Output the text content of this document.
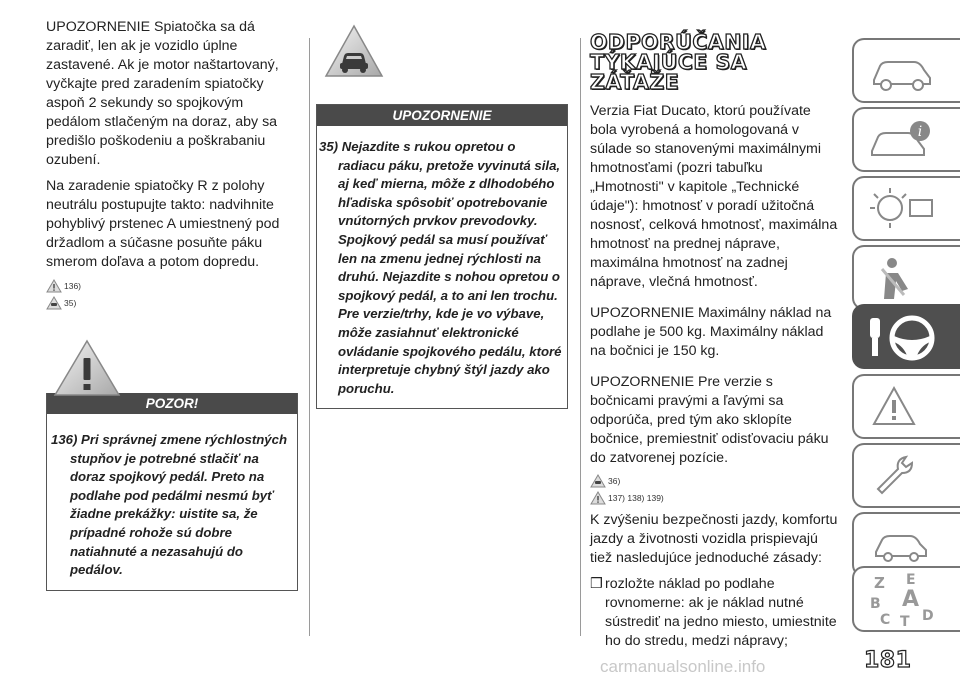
UPOZORNENIE Spiatočka sa dá zaradiť, len ak je vozidlo úplne zastavené. Ak je motor naštartovaný, vyčkajte pred zaradením spiatočky aspoň 2 sekundy so spojkovým pedálom stlačeným na doraz, aby sa predišlo poškodeniu a poškrabaniu ozubení.

Na zaradenie spiatočky R z polohy neutrálu postupujte takto: nadvihnite pohyblivý prstenec A umiestnený pod držadlom a súčasne posuňte páku smerom doľava a potom dopredu.

136)
35)
POZOR!

136) Pri správnej zmene rýchlostných stupňov je potrebné stlačiť na doraz spojkový pedál. Preto na podlahe pod pedálmi nesmú byť žiadne prekážky: uistite sa, že prípadné rohože sú dobre natiahnuté a nezasahujú do pedálov.

UPOZORNENIE

35) Nejazdite s rukou opretou o radiacu páku, pretože vyvinutá sila, aj keď mierna, môže z dlhodobého hľadiska spôsobiť opotrebovanie vnútorných prvkov prevodovky. Spojkový pedál sa musí používať len na zmenu jednej rýchlosti na druhú. Nejazdite s nohou opretou o spojkový pedál, a to ani len trochu. Pre verzie/trhy, kde je vo výbave, môže zasiahnuť elektronické ovládanie spojkového pedálu, ktoré interpretuje chybný štýl jazdy ako poruchu.

ODPORÚČANIA
TÝKAJÚCE SA
ZÁŤAŽE

Verzia Fiat Ducato, ktorú používate bola vyrobená a homologovaná v súlade so stanovenými maximálnymi hmotnosťami (pozri tabuľku „Hmotnosti" v kapitole „Technické údaje"): hmotnosť v poradí užitočná nosnosť, celková hmotnosť, maximálna hmotnosť na prednej náprave, maximálna hmotnosť na zadnej náprave, vlečná hmotnosť.

UPOZORNENIE Maximálny náklad na podlahe je 500 kg. Maximálny náklad na bočnici je 150 kg.

UPOZORNENIE Pre verzie s bočnicami pravými a ľavými sa odporúča, pred tým ako sklopíte bočnice, premiestniť odisťovaciu páku do zatvorenej pozície.

36)
137) 138) 139)

K zvýšeniu bezpečnosti jazdy, komfortu jazdy a životnosti vozidla prispievajú tiež nasledujúce jednoduché zásady:

❒ rozložte náklad po podlahe rovnomerne: ak je náklad nutné sústrediť na jedno miesto, umiestnite ho do stredu, medzi nápravy;
i
Z E
B A
D
C T
181
carmanualsonline.info
